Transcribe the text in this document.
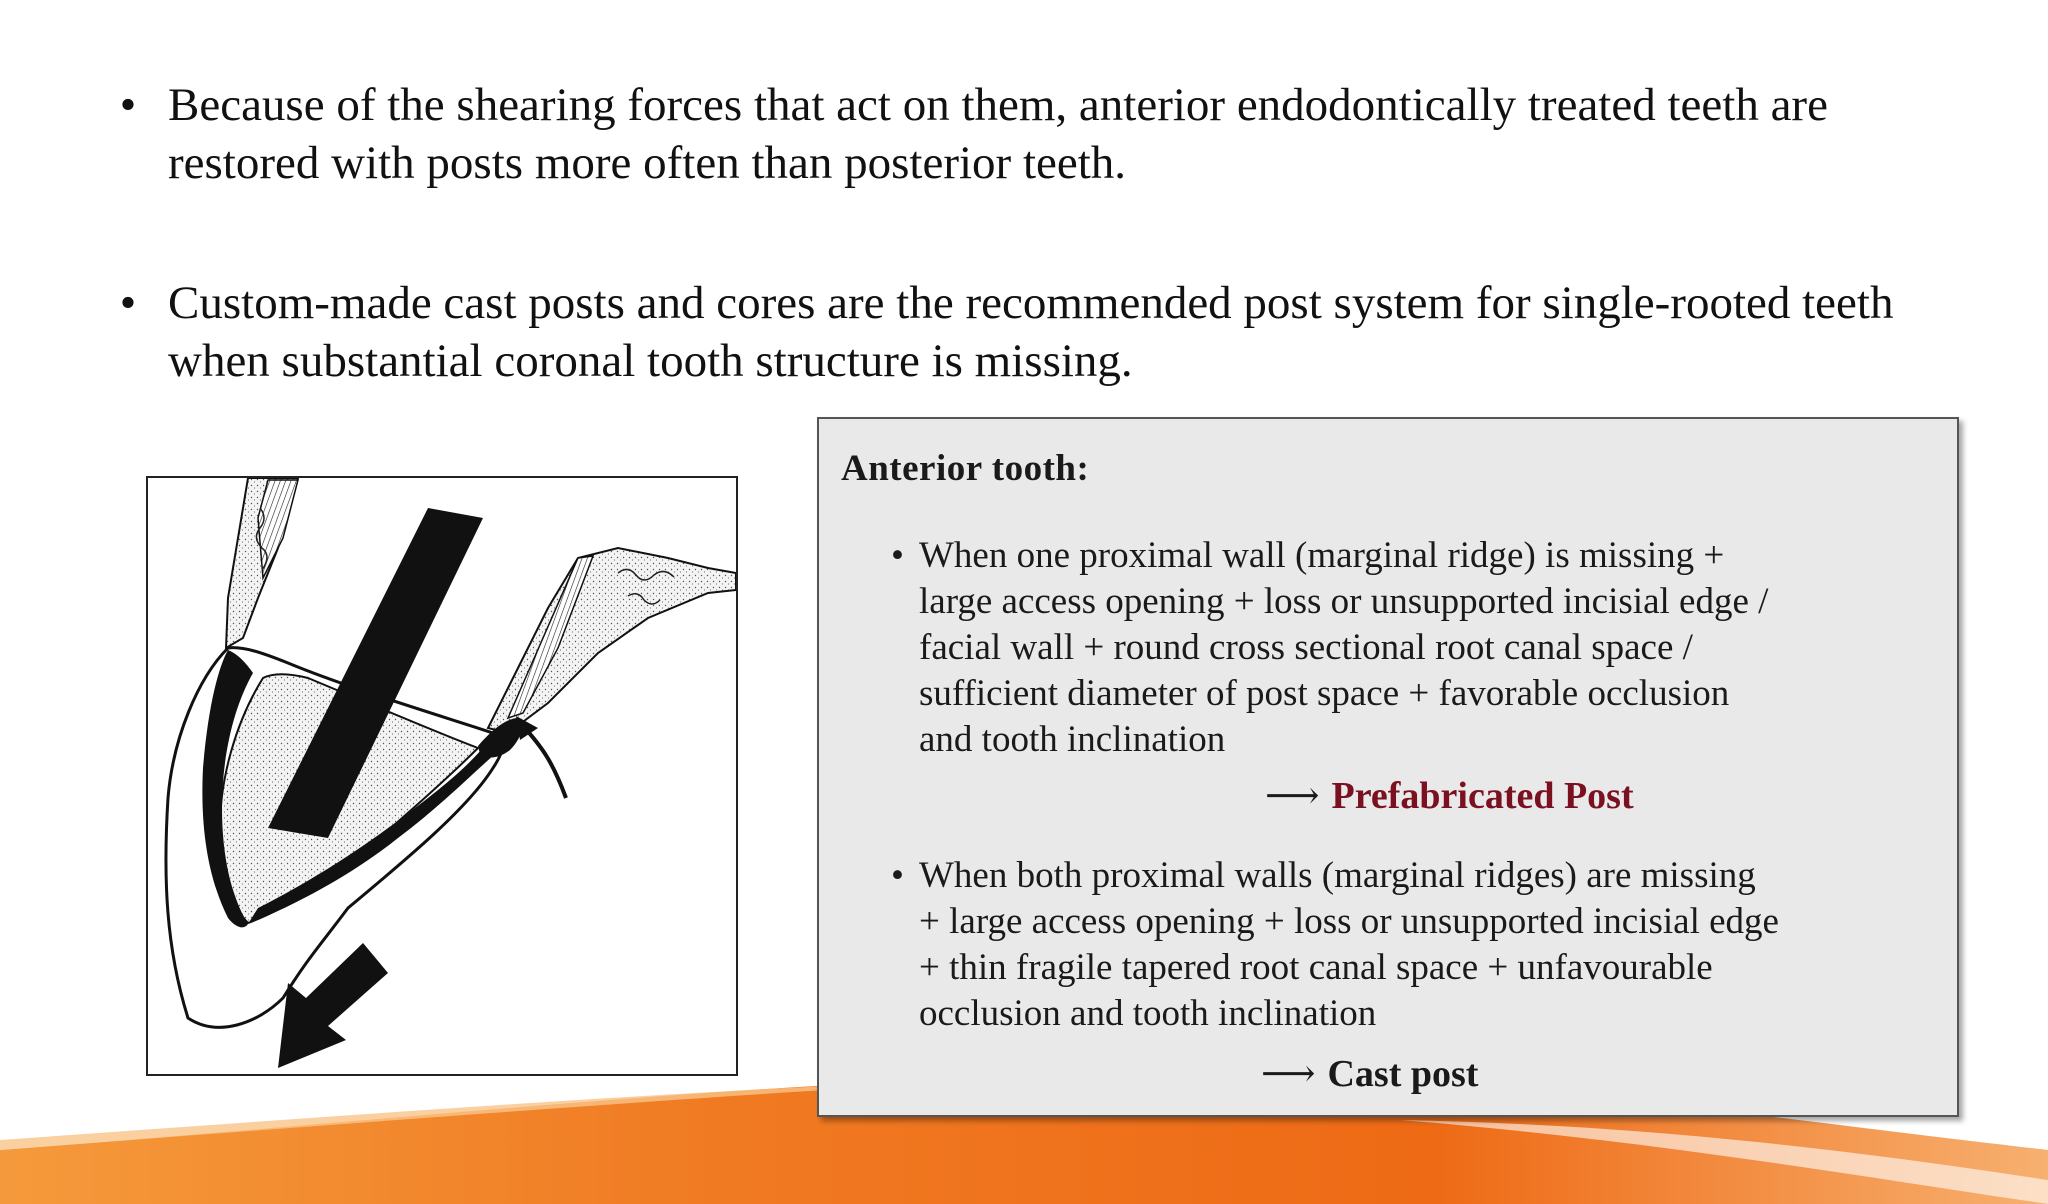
• Because of the shearing forces that act on them, anterior endodontically treated teeth are
restored with posts more often than posterior teeth.
• Custom-made cast posts and cores are the recommended post system for single-rooted teeth
when substantial coronal tooth structure is missing.
Anterior tooth:
• When one proximal wall (marginal ridge) is missing +
large access opening + loss or unsupported incisial edge /
facial wall + round cross sectional root canal space /
sufficient diameter of post space + favorable occlusion
and tooth inclination
⟶ Prefabricated Post
• When both proximal walls (marginal ridges) are missing
+ large access opening + loss or unsupported incisial edge
+ thin fragile tapered root canal space + unfavourable
occlusion and tooth inclination
⟶ Cast post
